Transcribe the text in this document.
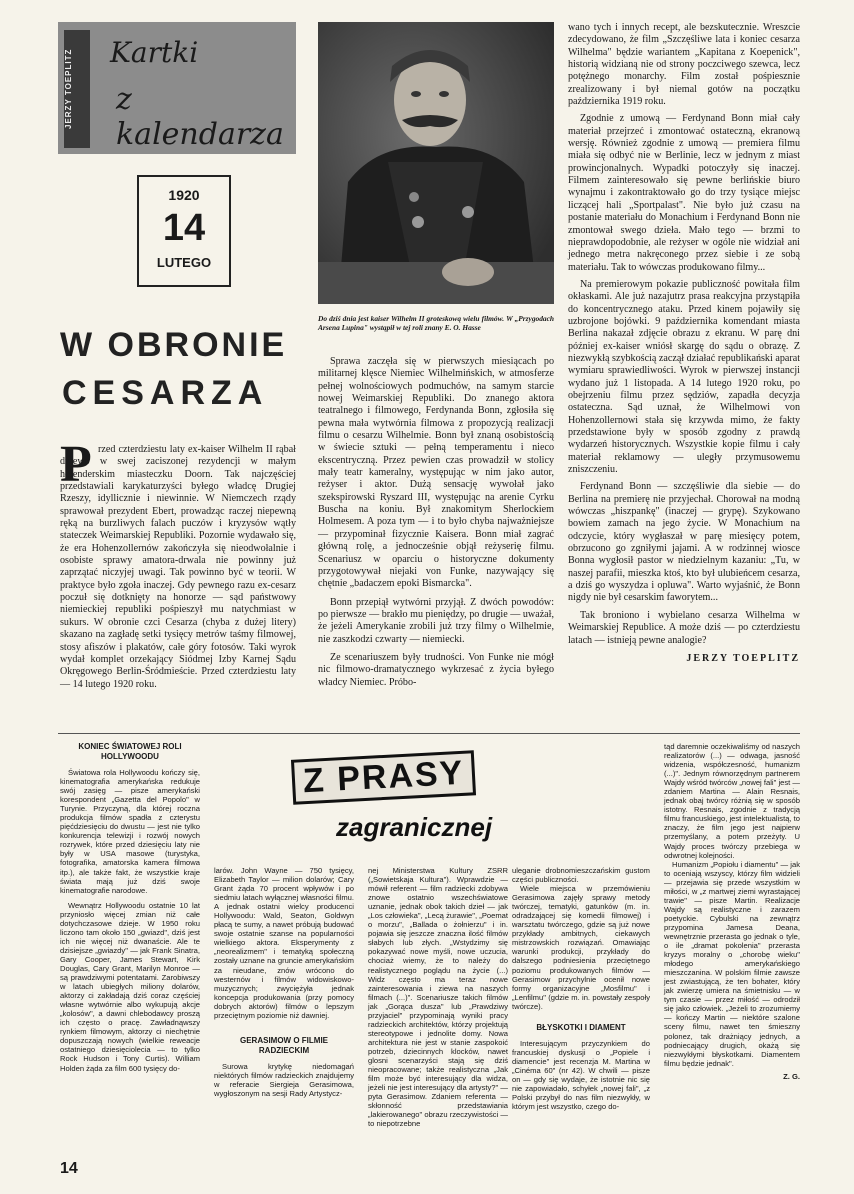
JERZY TOEPLITZ	Kartki
z kalendarza
1920
14
LUTEGO
W OBRONIE
CESARZA
Do dziś dnia jest kaiser Wilhelm II groteskową wielu filmów. W „Przygodach Arsena Lupina" wystąpił w tej roli znany E. O. Hasse
P rzed czterdziestu laty ex-kaiser Wilhelm II rąbał drzewo w swej zaciszonej rezydencji w małym holenderskim miasteczku Doorn. Tak najczęściej przedstawiali karykaturzyści byłego władcę Drugiej Rzeszy, idyllicznie i niewinnie. W Niemczech rządy sprawował prezydent Ebert, prowadząc raczej niepewną ręką na burzliwych falach puczów i kryzysów wątły stateczek Weimarskiej Republiki. Pozornie wydawało się, że era Hohenzollernów zakończyła się nieodwołalnie i osobiste sprawy amatora-drwala nie powinny już zaprzątać niczyjej uwagi. Tak powinno być w teorii. W praktyce było zgoła inaczej. Gdy pewnego razu ex-cesarz poczuł się dotknięty na honorze — sąd państwowy niemieckiej republiki pośpieszył mu natychmiast w sukurs. W obronie czci Cesarza (chyba z dużej litery) skazano na zagładę setki tysięcy metrów taśmy filmowej, stosy afiszów i plakatów, całe góry fotosów. Taki wyrok wydał komplet orzekający Siódmej Izby Karnej Sądu Okręgowego Berlin-Śródmieście. Przed czterdziestu laty — 14 lutego 1920 roku.

Sprawa zaczęła się w pierwszych miesiącach po militarnej klęsce Niemiec Wilhelmińskich, w atmosferze pełnej wolnościowych podmuchów, na samym starcie nowej Weimarskiej Republiki. Do znanego aktora teatralnego i filmowego, Ferdynanda Bonn, zgłosiła się pewna mała wytwórnia filmowa z propozycją realizacji filmu o cesarzu Wilhelmie. Bonn był znaną osobistością w świecie sztuki — pełną temperamentu i nieco ekscentryczną. Przez pewien czas prowadził w stolicy mały teatr kameralny, występując w nim jako autor, reżyser i aktor. Dużą sensację wywołał jako szekspirowski Ryszard III, występując na arenie Cyrku Buscha na koniu. Był znakomitym Sherlockiem Holmesem. A poza tym — i to było chyba najważniejsze — przypominał fizycznie Kaisera. Bonn miał zagrać główną rolę, a jednocześnie objął reżyserię filmu. Scenariusz w oparciu o historyczne dokumenty przygotowywał niejaki von Funke, nazywający się chętnie „badaczem epoki Bismarcka".

Bonn przepiął wytwórni przyjął. Z dwóch powodów: po pierwsze — brakło mu pieniędzy, po drugie — uważał, że jeżeli Amerykanie zrobili już trzy filmy o Wilhelmie, nie zaszkodzi czwarty — niemiecki.

Ze scenariuszem były trudności. Von Funke nie mógł nic filmowo-dramatycznego wykrzesać z życia byłego władcy Niemiec. Próbo-

wano tych i innych recept, ale bezskutecznie. Wreszcie zdecydowano, że film „Szczęśliwe lata i koniec cesarza Wilhelma" będzie wariantem „Kapitana z Koepenick", historią widzianą nie od strony poczciwego szewca, lecz potężnego monarchy. Film został pośpiesznie zrealizowany i był niemal gotów na początku października 1919 roku.

Zgodnie z umową — Ferdynand Bonn miał cały materiał przejrzeć i zmontować ostateczną, ekranową wersję. Również zgodnie z umową — premiera filmu miała się odbyć nie w Berlinie, lecz w jednym z miast prowincjonalnych. Wypadki potoczyły się inaczej. Filmem zainteresowało się pewne berlińskie biuro wynajmu i zakontraktowało go do trzy tysiące miejsc liczącej hali „Sportpalast". Nie było już czasu na postanie materiału do Monachium i Ferdynand Bonn nie zmontował swego dzieła. Mało tego — brzmi to nieprawdopodobnie, ale reżyser w ogóle nie widział ani jednego metra nakręconego przez siebie i ze sobą materiału. Tak to wówczas produkowano filmy...

Na premierowym pokazie publiczność powitała film okłaskami. Ale już nazajutrz prasa reakcyjna przystąpiła do koncentrycznego ataku. Przed kinem pojawiły się uzbrojone bojówki. 9 października komendant miasta Berlina nakazał zdjęcie obrazu z ekranu. W parę dni później ex-kaiser wniósł skargę do sądu o obrazę. Z niezwykłą szybkością zaczął działać republikański aparat wymiaru sprawiedliwości. Wyrok w pierwszej instancji wydano już 1 listopada. A 14 lutego 1920 roku, po obejrzeniu filmu przez sędziów, zapadła decyzja ostateczna. Sąd uznał, że Wilhelmowi von Hohenzollernowi stała się krzywda mimo, że fakty przedstawione były w sposób zgodny z prawdą wydarzeń historycznych. Wszystkie kopie filmu i cały materiał reklamowy — uległy przymusowemu zniszczeniu.

Ferdynand Bonn — szczęśliwie dla siebie — do Berlina na premierę nie przyjechał. Chorował na modną wówczas „hiszpankę" (inaczej — grypę). Szykowano bowiem zamach na jego życie. W Monachium na odczycie, który wygłaszał w parę miesięcy potem, obrzucono go zgniłymi jajami. A w rodzinnej wiosce Bonna wygłosił pastor w niedzielnym kazaniu: „Tu, w naszej parafii, mieszka ktoś, kto był ulubieńcem cesarza, a dziś go wyszydza i opluwa". Warto wyjaśnić, że Bonn nigdy nie był cesarskim faworytem...

Tak broniono i wybielano cesarza Wilhelma w Weimarskiej Republice. A może dziś — po czterdziestu latach — istnieją pewne analogie?

JERZY TOEPLITZ
Z PRASY
zagranicznej
KONIEC ŚWIATOWEJ ROLI HOLLYWOODU

Światowa rola Hollywoodu kończy się, kinematografia amerykańska redukuje swój zasięg — pisze amerykański korespondent „Gazetta del Popolo" w Turynie. Przyczyną, dla której roczna produkcja filmów spadła z czterystu pięćdziesięciu do dwustu — jest nie tylko konkurencja telewizji i rozwój nowych rozrywek, które przed dziesięciu laty nie były w USA masowe (turystyka, fotografika, amatorska kamera filmowa itp.), ale także fakt, że wszystkie kraje świata mają już dziś swoje kinematografie narodowe.

Wewnątrz Hollywoodu ostatnie 10 lat przyniosło więcej zmian niż całe dotychczasowe dzieje. W 1950 roku liczono tam około 150 „gwiazd", dziś jest ich nie więcej niż dwanaście. Ale te dzisiejsze „gwiazdy" — jak Frank Sinatra, Gary Cooper, James Stewart, Kirk Douglas, Cary Grant, Marilyn Monroe — są prawdziwymi potentatami. Zarobiwszy w latach ubiegłych miliony dolarów, aktorzy ci zakładają dziś coraz częściej własne wytwórnie albo wykupują akcje „kolosów", a dawni chlebodawcy proszą ich często o pracę. Zawładnąwszy rynkiem filmowym, aktorzy ci niechętnie dopuszczają nowych (wielkie reweacje ostatniego dziesięciolecia — to tylko Rock Hudson i Tony Curtis). William Holden żąda za film 600 tysięcy do-

larów. John Wayne — 750 tysięcy, Elizabeth Taylor — milion dolarów; Cary Grant żąda 70 procent wpływów i po siedmiu latach wyłącznej własności filmu. A jednak ostatni wielcy producenci Hollywoodu: Wald, Seaton, Goldwyn płacą te sumy, a nawet próbują budować swoje ostatnie szanse na popularności wielkiego aktora. Eksperymenty z „neorealizmem" i tematyką społeczną zostały uznane na gruncie amerykańskim za nieudane, znów wrócono do westernów i filmów widowiskowo-muzycznych; zwyciężyła jednak koncepcja produkowania (przy pomocy dobrych aktorów) filmów o lepszym przeciętnym poziomie niż dawniej.

GERASIMOW O FILMIE RADZIECKIM

Surowa krytykę niedomagań niektórych filmów radzieckich znajdujemy w referacie Siergieja Gerasimowa, wygłoszonym na sesji Rady Artystycz-

nej Ministerstwa Kultury ZSRR („Sowietskaja Kultura"). Wprawdzie — mówił referent — film radziecki zdobywa znowe ostatnio wszechświatowe uznanie, jednak obok takich dzieł — jak „Los człowieka", „Lecą żurawie", „Poemat o morzu", „Ballada o żołnierzu" i in. pojawia się jeszcze znaczna ilość filmów słabych lub złych. „Wstydzimy się pokazywać nowe myśli, nowe uczucia, chociaż wiemy, że to należy do realistycznego poglądu na życie (...) Widz często ma teraz nowe zainteresowania i ziewa na naszych filmach (...)". Scenariusze takich filmów jak „Gorąca dusza" lub „Prawdziwy przyjaciel" przypominają wyniki pracy radzieckich architektów, którzy projektują stereotypowe i jednolite domy. Nowa architektura nie jest w stanie zaspokoić potrzeb, dziecinnych klocków, nawet glosni scenarzyści stają się dziś nieopracowane; także realistyczna „Jak film może być interesujący dla widza, jeżeli nie jest interesujący dla artysty?" — pyta Gerasimow. Zdaniem referenta — skłonność przedstawiania „lakierowanego" obrazu rzeczywistości — to niepotrzebne

uleganie drobnomieszczańskim gustom części publiczności.

Wiele miejsca w przemówieniu Gerasimowa zajęły sprawy metody twórczej, tematyki, gatunków (m. in. odradzającej się komedii filmowej) i warsztatu twórczego, gdzie są już nowe przykłady ambitnych, ciekawych mistrzowskich rozwiązań. Omawiając warunki produkcji, przykłady do dalszego podniesienia przeciętnego poziomu produkowanych filmów — Gerasimow przychylnie ocenił nowe formy organizacyjne „Mosfilmu" i „Lenfilmu" (gdzie m. in. powstały zespoły twórcze).

BŁYSKOTKI I DIAMENT

Interesującym przyczynkiem do francuskiej dyskusji o „Popiele i diamencie" jest recenzja M. Martina w „Cinéma 60" (nr 42). W chwili — pisze on — gdy się wydaje, że istotnie nic się nie zapowiadało, schyłek „nowej fali", „z Polski przybył do nas film niezwykły, w którym jest wszystko, czego do-

tąd daremnie oczekiwaliśmy od naszych realizatorów (...) — odwaga, jasność widzenia, współczesność, humanizm (...)". Jednym równorzędnym partnerem Wajdy wśród twórców „nowej fali" jest — zdaniem Martina — Alain Resnais, jednak obaj twórcy różnią się w sposób istotny. Resnais, zgodnie z tradycją filmu francuskiego, jest intelektualistą, to znaczy, że film jego jest najpierw przemyślany, a potem przeżyty. U Wajdy proces twórczy przebiega w odwrotnej kolejności.

Humanizm „Popiołu i diamentu" — jak to oceniają wszyscy, którzy film widzieli — przejawia się przede wszystkim w miłości, w „z martwej ziemi wyrastającej trawie" — pisze Martin. Realizacje Wajdy są realistyczne i zarazem poetyckie. Cybulski na zewnątrz przypomina Jamesa Deana, wewnętrznie przerasta go jednak o tyle, o ile „dramat pokolenia" przerasta kryzys moralny o „chorobę wieku" młodego amerykańskiego mieszczanina. W polskim filmie zawsze jest zwiastującą, że ten bohater, który jak zwierzę umiera na śmietnisku — w tym czasie — przez miłość — odrodził się jako człowiek. „Jeżeli to zrozumiemy — kończy Martin — niektóre szalone sceny filmu, nawet ten śmieszny polonez, tak drażniący jednych, a podniecający drugich, okażą się niezwykłymi błyskotkami. Diamentem filmu będzie jednak".

Z. G.
14
